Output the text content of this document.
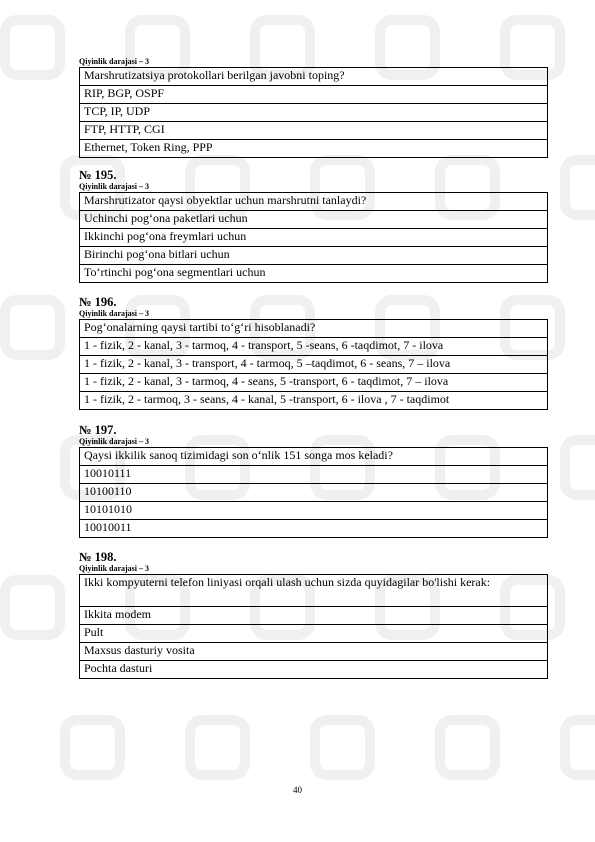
Qiyinlik darajasi – 3

Marshrutizatsiya protokollari berilgan javobni toping?
RIP, BGP, OSPF
TCP, IP, UDP
FTP, HTTP, CGI
Ethernet, Token Ring, PPP

№ 195.

Qiyinlik darajasi – 3

Marshrutizator qaysi obyektlar uchun marshrutni tanlaydi?
Uchinchi pog‘ona paketlari uchun
Ikkinchi pog‘ona freymlari uchun
Birinchi pog‘ona bitlari uchun
To‘rtinchi pog‘ona segmentlari uchun

№ 196.

Qiyinlik darajasi – 3

Pog‘onalarning qaysi tartibi to‘g‘ri hisoblanadi?
1 - fizik, 2 - kanal, 3 - tarmoq, 4 - transport, 5 -seans, 6 -taqdimot, 7 - ilova
1 - fizik, 2 - kanal, 3 - transport, 4 - tarmoq, 5 –taqdimot, 6 - seans, 7 – ilova
1 - fizik, 2 - kanal, 3 - tarmoq, 4 - seans, 5 -transport, 6 - taqdimot, 7 – ilova
1 - fizik, 2 - tarmoq, 3 - seans, 4 - kanal, 5 -transport, 6 - ilova , 7 - taqdimot

№ 197.

Qiyinlik darajasi – 3

Qaysi ikkilik sanoq tizimidagi son o‘nlik 151 songa mos keladi?
10010111
10100110
10101010
10010011

№ 198.

Qiyinlik darajasi – 3

Ikki kompyuterni telefon liniyasi orqali ulash uchun sizda quyidagilar bo'lishi kerak:
Ikkita modem
Pult
Maxsus dasturiy vosita
Pochta dasturi
40
